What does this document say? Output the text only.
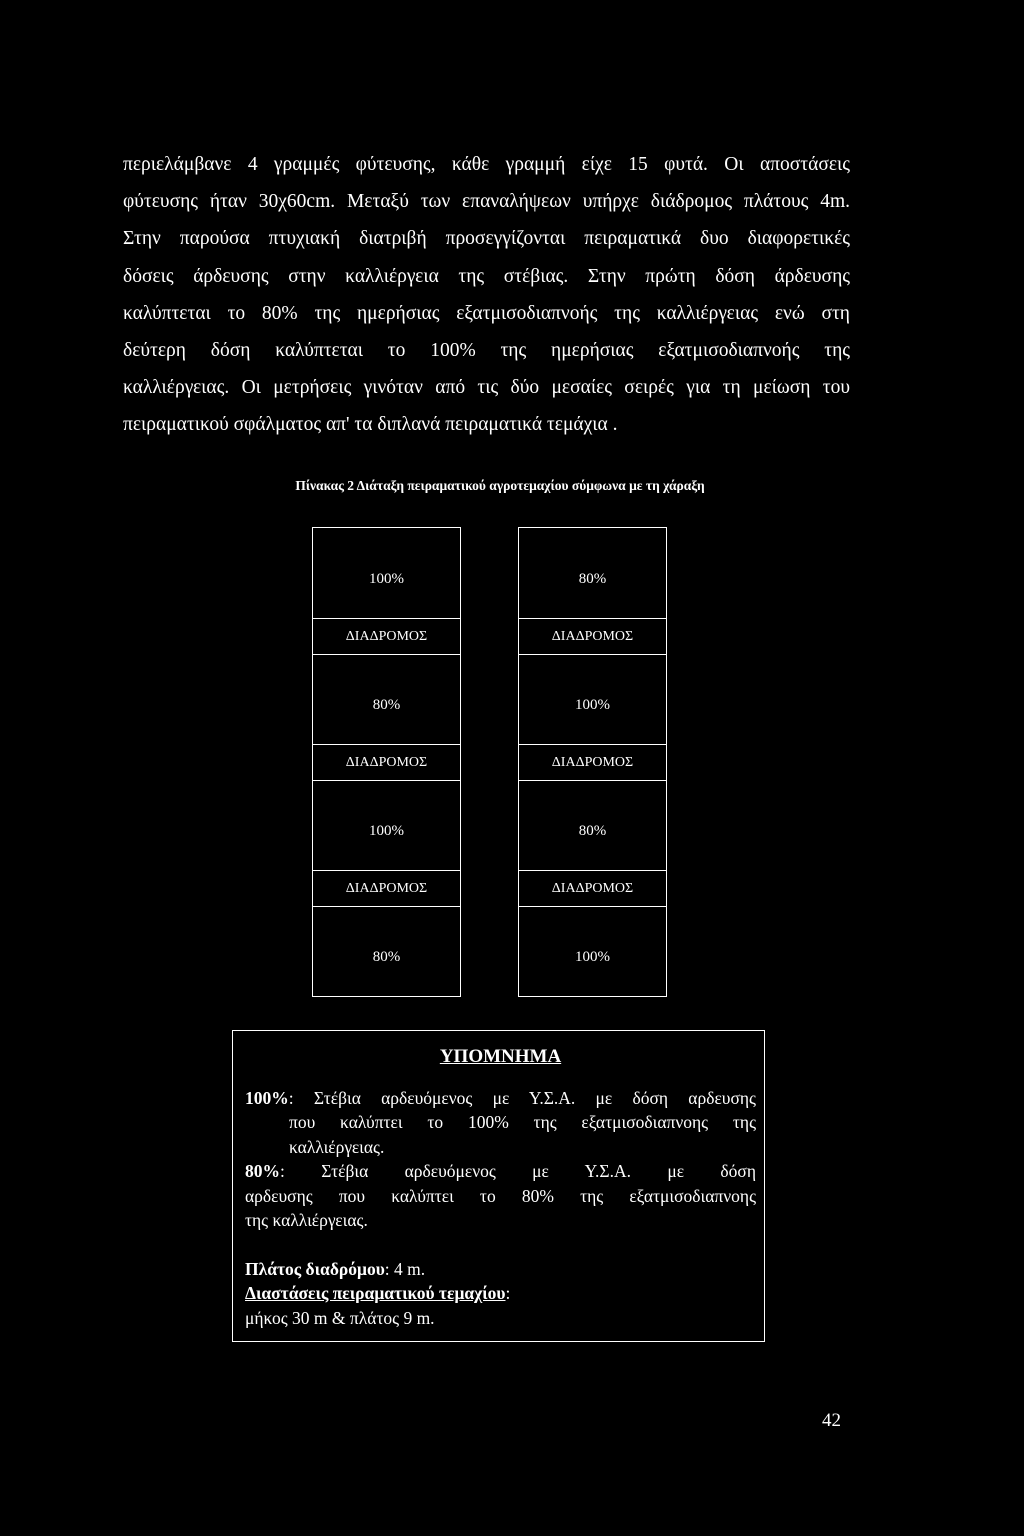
περιελάμβανε 4 γραμμές φύτευσης, κάθε γραμμή είχε 15 φυτά. Οι αποστάσεις
φύτευσης ήταν 30χ60cm. Μεταξύ των επαναλήψεων υπήρχε διάδρομος πλάτους 4m.
Στην παρούσα πτυχιακή διατριβή προσεγγίζονται πειραματικά δυο διαφορετικές
δόσεις άρδευσης στην καλλιέργεια της στέβιας. Στην πρώτη δόση άρδευσης
καλύπτεται το 80% της ημερήσιας εξατμισοδιαπνοής της καλλιέργειας ενώ στη
δεύτερη δόση καλύπτεται το 100% της ημερήσιας εξατμισοδιαπνοής της
καλλιέργειας. Οι μετρήσεις γινόταν από τις δύο μεσαίες σειρές για τη μείωση του
πειραματικού σφάλματος απ' τα διπλανά πειραματικά τεμάχια .
Πίνακας 2 Διάταξη πειραματικού αγροτεμαχίου σύμφωνα με τη χάραξη
100%
ΔΙΑΔΡΟΜΟΣ
80%
ΔΙΑΔΡΟΜΟΣ
100%
ΔΙΑΔΡΟΜΟΣ
80%
80%
ΔΙΑΔΡΟΜΟΣ
100%
ΔΙΑΔΡΟΜΟΣ
80%
ΔΙΑΔΡΟΜΟΣ
100%
ΥΠΟΜΝΗΜΑ
100%: Στέβια αρδευόμενος με Υ.Σ.Α. με δόση αρδευσης
που καλύπτει το 100% της εξατμισοδιαπνοης της
καλλιέργειας.
80%: Στέβια αρδευόμενος με Υ.Σ.Α. με δόση
αρδευσης που καλύπτει το 80% της εξατμισοδιαπνοης
της καλλιέργειας.
Πλάτος διαδρόμου: 4 m.
Διαστάσεις πειραματικού τεμαχίου:
μήκος 30 m & πλάτος 9 m.
42
